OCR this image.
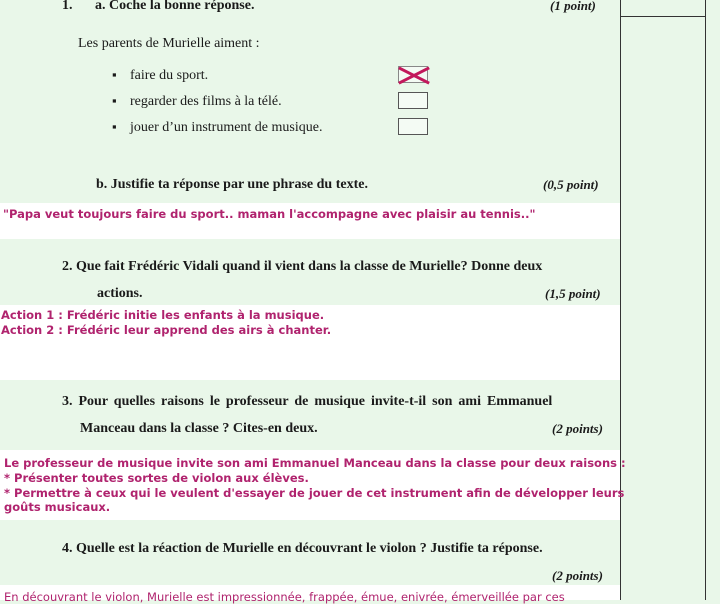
1. a. Coche la bonne réponse.	(1 point)
Les parents de Murielle aiment :
▪ faire du sport.
▪ regarder des films à la télé.
▪ jouer d’un instrument de musique.
b. Justifie ta réponse par une phrase du texte.	(0,5 point)
"Papa veut toujours faire du sport.. maman l'accompagne avec plaisir au tennis.."
2. Que fait Frédéric Vidali quand il vient dans la classe de Murielle? Donne deux
actions.	(1,5 point)
Action 1 : Frédéric initie les enfants à la musique.
Action 2 : Frédéric leur apprend des airs à chanter.
3. Pour quelles raisons le professeur de musique invite-t-il son ami Emmanuel
Manceau dans la classe ? Cites-en deux.	(2 points)
Le professeur de musique invite son ami Emmanuel Manceau dans la classe pour deux raisons :
* Présenter toutes sortes de violon aux élèves.
* Permettre à ceux qui le veulent d'essayer de jouer de cet instrument afin de développer leurs
goûts musicaux.
4. Quelle est la réaction de Murielle en découvrant le violon ? Justifie ta réponse.
(2 points)
En découvrant le violon, Murielle est impressionnée, frappée, émue, enivrée, émerveillée par ces
